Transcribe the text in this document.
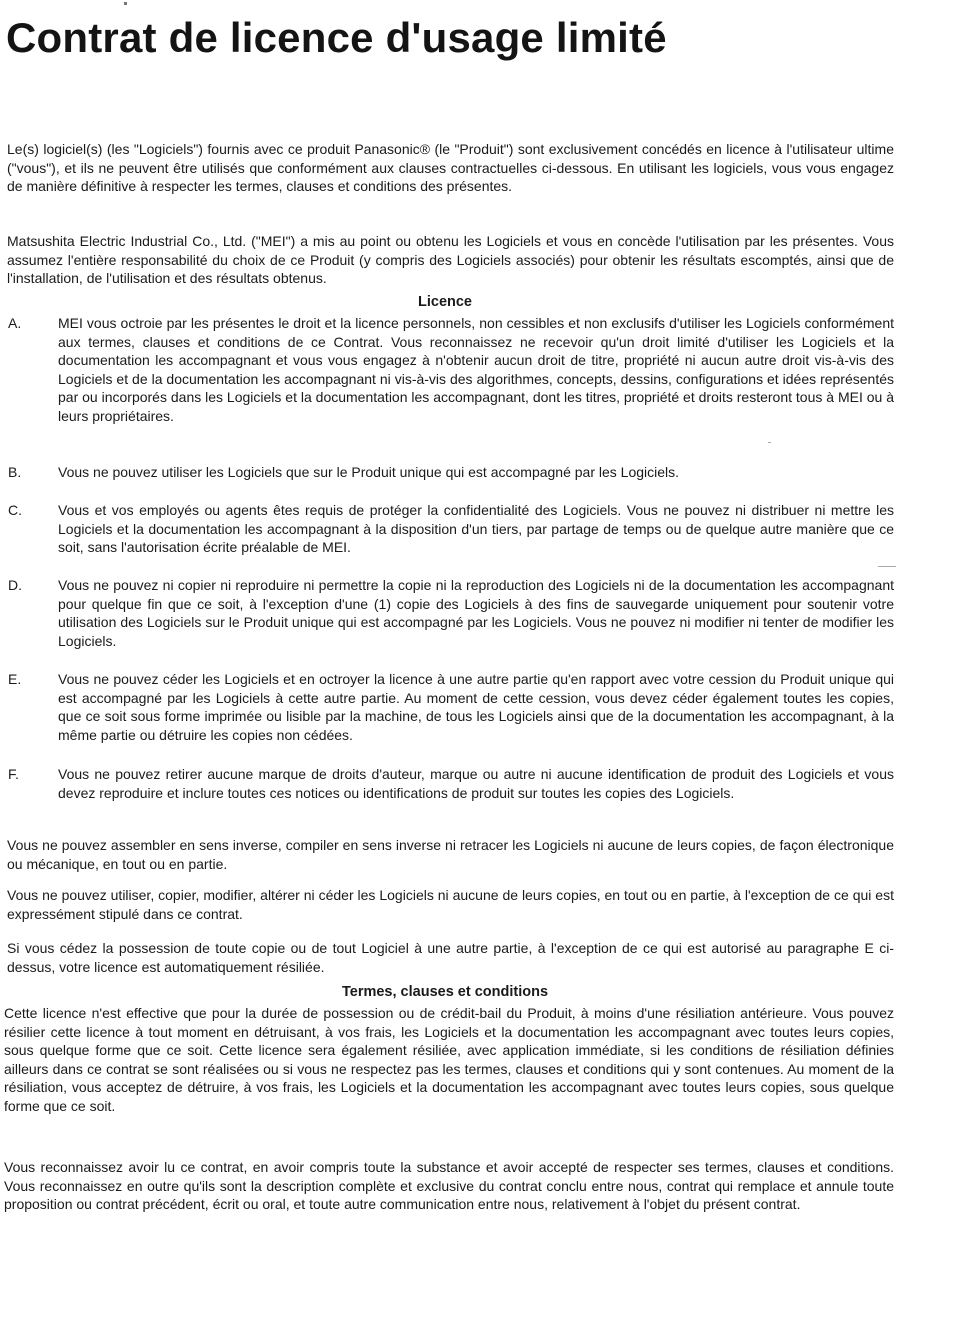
Contrat de licence d'usage limité

Le(s) logiciel(s) (les "Logiciels") fournis avec ce produit Panasonic® (le "Produit") sont exclusivement concédés en licence à l'utilisateur ultime ("vous"), et ils ne peuvent être utilisés que conformément aux clauses contractuelles ci-dessous. En utilisant les logiciels, vous vous engagez de manière définitive à respecter les termes, clauses et conditions des présentes.

Matsushita Electric Industrial Co., Ltd. ("MEI") a mis au point ou obtenu les Logiciels et vous en concède l'utilisation par les présentes. Vous assumez l'entière responsabilité du choix de ce Produit (y compris des Logiciels associés) pour obtenir les résultats escomptés, ainsi que de l'installation, de l'utilisation et des résultats obtenus.

Licence

A.	MEI vous octroie par les présentes le droit et la licence personnels, non cessibles et non exclusifs d'utiliser les Logiciels conformément aux termes, clauses et conditions de ce Contrat. Vous reconnaissez ne recevoir qu'un droit limité d'utiliser les Logiciels et la documentation les accompagnant et vous vous engagez à n'obtenir aucun droit de titre, propriété ni aucun autre droit vis-à-vis des Logiciels et de la documentation les accompagnant ni vis-à-vis des algorithmes, concepts, dessins, configurations et idées représentés par ou incorporés dans les Logiciels et la documentation les accompagnant, dont les titres, propriété et droits resteront tous à MEI ou à leurs propriétaires.
B.	Vous ne pouvez utiliser les Logiciels que sur le Produit unique qui est accompagné par les Logiciels.
C.	Vous et vos employés ou agents êtes requis de protéger la confidentialité des Logiciels. Vous ne pouvez ni distribuer ni mettre les Logiciels et la documentation les accompagnant à la disposition d'un tiers, par partage de temps ou de quelque autre manière que ce soit, sans l'autorisation écrite préalable de MEI.
D.	Vous ne pouvez ni copier ni reproduire ni permettre la copie ni la reproduction des Logiciels ni de la documentation les accompagnant pour quelque fin que ce soit, à l'exception d'une (1) copie des Logiciels à des fins de sauvegarde uniquement pour soutenir votre utilisation des Logiciels sur le Produit unique qui est accompagné par les Logiciels. Vous ne pouvez ni modifier ni tenter de modifier les Logiciels.
E.	Vous ne pouvez céder les Logiciels et en octroyer la licence à une autre partie qu'en rapport avec votre cession du Produit unique qui est accompagné par les Logiciels à cette autre partie. Au moment de cette cession, vous devez céder également toutes les copies, que ce soit sous forme imprimée ou lisible par la machine, de tous les Logiciels ainsi que de la documentation les accompagnant, à la même partie ou détruire les copies non cédées.
F.	Vous ne pouvez retirer aucune marque de droits d'auteur, marque ou autre ni aucune identification de produit des Logiciels et vous devez reproduire et inclure toutes ces notices ou identifications de produit sur toutes les copies des Logiciels.

Vous ne pouvez assembler en sens inverse, compiler en sens inverse ni retracer les Logiciels ni aucune de leurs copies, de façon électronique ou mécanique, en tout ou en partie.

Vous ne pouvez utiliser, copier, modifier, altérer ni céder les Logiciels ni aucune de leurs copies, en tout ou en partie, à l'exception de ce qui est expressément stipulé dans ce contrat.

Si vous cédez la possession de toute copie ou de tout Logiciel à une autre partie, à l'exception de ce qui est autorisé au paragraphe E ci-dessus, votre licence est automatiquement résiliée.

Termes, clauses et conditions

Cette licence n'est effective que pour la durée de possession ou de crédit-bail du Produit, à moins d'une résiliation antérieure. Vous pouvez résilier cette licence à tout moment en détruisant, à vos frais, les Logiciels et la documentation les accompagnant avec toutes leurs copies, sous quelque forme que ce soit. Cette licence sera également résiliée, avec application immédiate, si les conditions de résiliation définies ailleurs dans ce contrat se sont réalisées ou si vous ne respectez pas les termes, clauses et conditions qui y sont contenues. Au moment de la résiliation, vous acceptez de détruire, à vos frais, les Logiciels et la documentation les accompagnant avec toutes leurs copies, sous quelque forme que ce soit.

Vous reconnaissez avoir lu ce contrat, en avoir compris toute la substance et avoir accepté de respecter ses termes, clauses et conditions. Vous reconnaissez en outre qu'ils sont la description complète et exclusive du contrat conclu entre nous, contrat qui remplace et annule toute proposition ou contrat précédent, écrit ou oral, et toute autre communication entre nous, relativement à l'objet du présent contrat.
